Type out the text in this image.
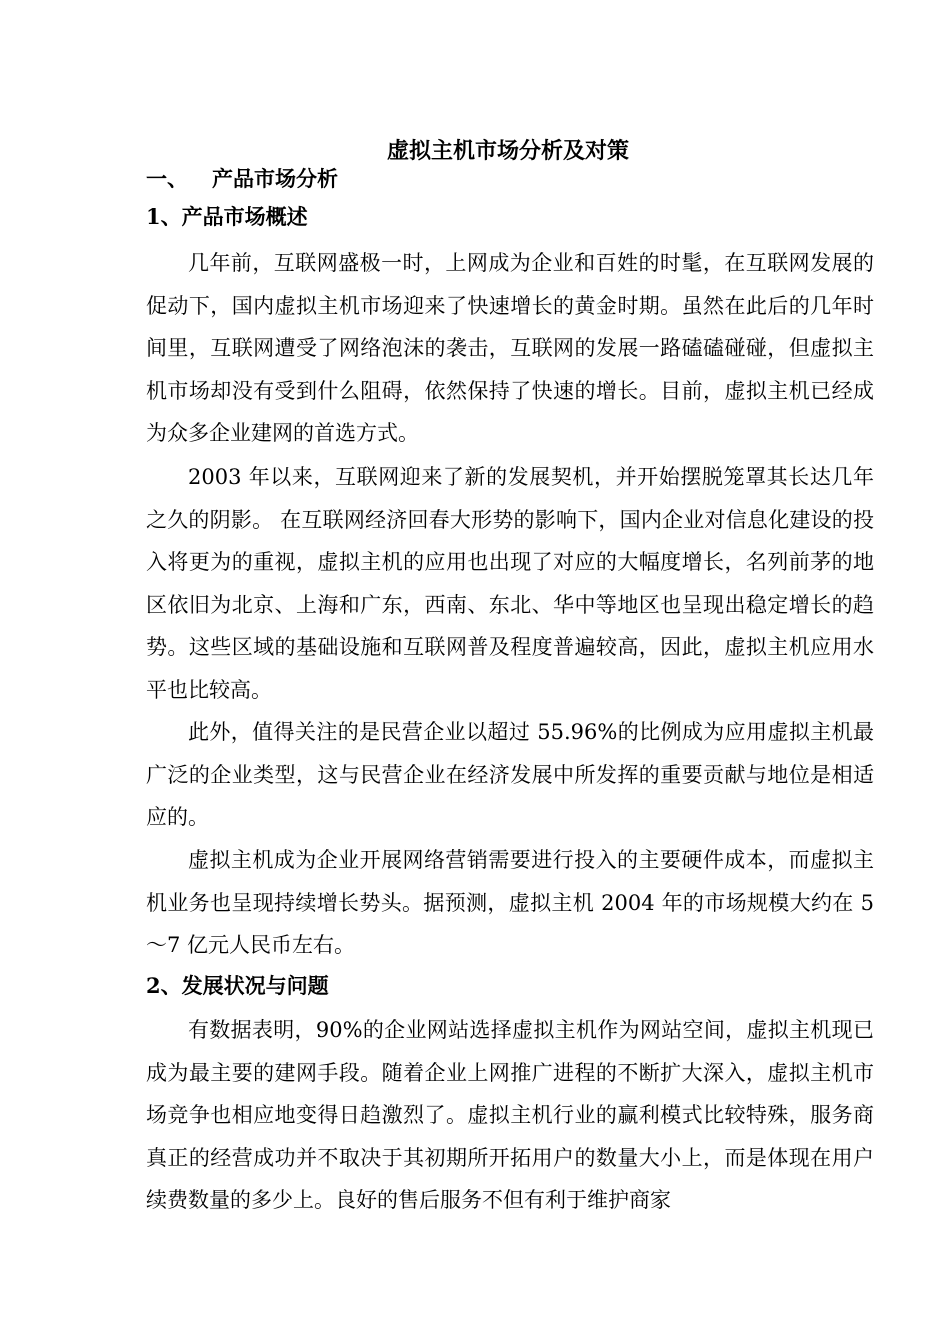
虚拟主机市场分析及对策
一、 产品市场分析
1、产品市场概述

几年前，互联网盛极一时，上网成为企业和百姓的时髦，在互联网发展的促动下，国内虚拟主机市场迎来了快速增长的黄金时期。虽然在此后的几年时间里，互联网遭受了网络泡沫的袭击，互联网的发展一路磕磕碰碰，但虚拟主机市场却没有受到什么阻碍，依然保持了快速的增长。目前，虚拟主机已经成为众多企业建网的首选方式。

2003 年以来，互联网迎来了新的发展契机，并开始摆脱笼罩其长达几年之久的阴影。 在互联网经济回春大形势的影响下，国内企业对信息化建设的投入将更为的重视，虚拟主机的应用也出现了对应的大幅度增长，名列前茅的地区依旧为北京、上海和广东，西南、东北、华中等地区也呈现出稳定增长的趋势。这些区域的基础设施和互联网普及程度普遍较高，因此，虚拟主机应用水平也比较高。

此外，值得关注的是民营企业以超过 55.96%的比例成为应用虚拟主机最广泛的企业类型，这与民营企业在经济发展中所发挥的重要贡献与地位是相适应的。

虚拟主机成为企业开展网络营销需要进行投入的主要硬件成本，而虚拟主机业务也呈现持续增长势头。据预测，虚拟主机 2004 年的市场规模大约在 5～7 亿元人民币左右。

2、发展状况与问题

有数据表明，90%的企业网站选择虚拟主机作为网站空间，虚拟主机现已成为最主要的建网手段。随着企业上网推广进程的不断扩大深入，虚拟主机市场竞争也相应地变得日趋激烈了。虚拟主机行业的赢利模式比较特殊，服务商真正的经营成功并不取决于其初期所开拓用户的数量大小上，而是体现在用户续费数量的多少上。良好的售后服务不但有利于维护商家
